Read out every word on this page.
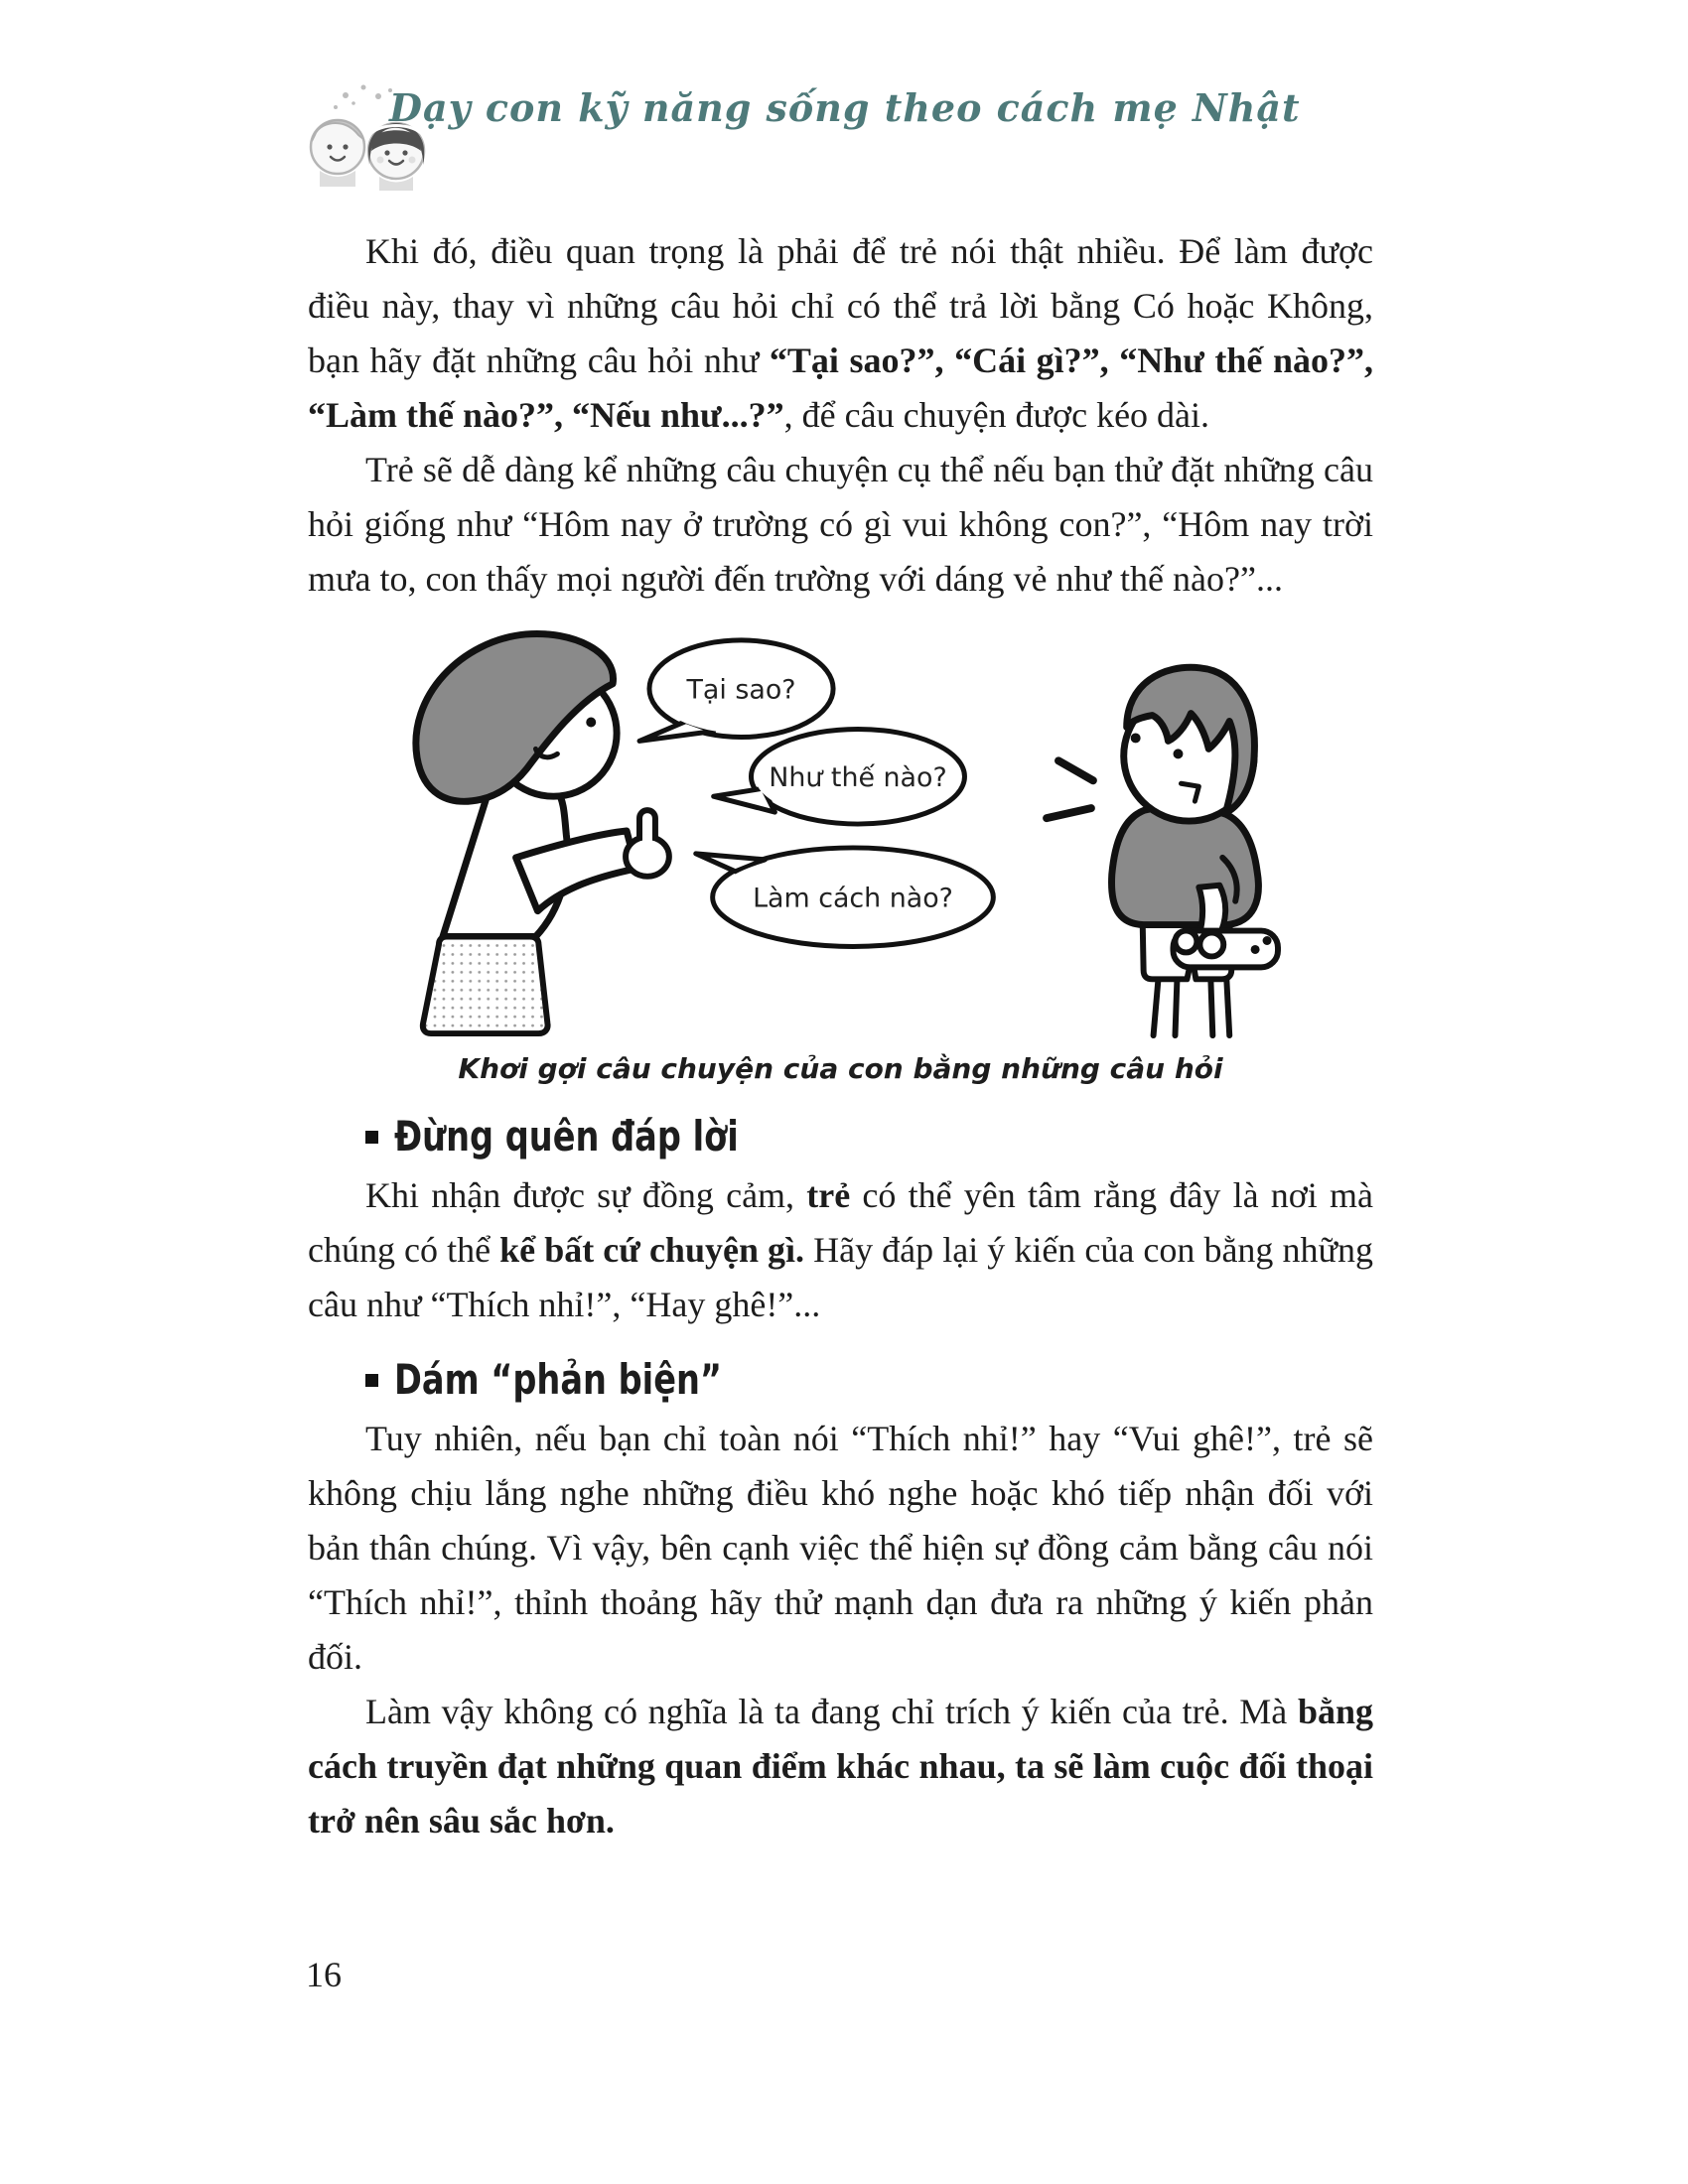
Dạy con kỹ năng sống theo cách mẹ Nhật

Khi đó, điều quan trọng là phải để trẻ nói thật nhiều. Để làm được điều này, thay vì những câu hỏi chỉ có thể trả lời bằng Có hoặc Không, bạn hãy đặt những câu hỏi như “Tại sao?”, “Cái gì?”, “Như thế nào?”, “Làm thế nào?”, “Nếu như...?”, để câu chuyện được kéo dài.

Trẻ sẽ dễ dàng kể những câu chuyện cụ thể nếu bạn thử đặt những câu hỏi giống như “Hôm nay ở trường có gì vui không con?”, “Hôm nay trời mưa to, con thấy mọi người đến trường với dáng vẻ như thế nào?”...

Tại sao?
Như thế nào?
Làm cách nào?
Khơi gợi câu chuyện của con bằng những câu hỏi
Đừng quên đáp lời

Khi nhận được sự đồng cảm, trẻ có thể yên tâm rằng đây là nơi mà chúng có thể kể bất cứ chuyện gì. Hãy đáp lại ý kiến của con bằng những câu như “Thích nhỉ!”, “Hay ghê!”...

Dám “phản biện”

Tuy nhiên, nếu bạn chỉ toàn nói “Thích nhỉ!” hay “Vui ghê!”, trẻ sẽ không chịu lắng nghe những điều khó nghe hoặc khó tiếp nhận đối với bản thân chúng. Vì vậy, bên cạnh việc thể hiện sự đồng cảm bằng câu nói “Thích nhỉ!”, thỉnh thoảng hãy thử mạnh dạn đưa ra những ý kiến phản đối.

Làm vậy không có nghĩa là ta đang chỉ trích ý kiến của trẻ. Mà bằng cách truyền đạt những quan điểm khác nhau, ta sẽ làm cuộc đối thoại trở nên sâu sắc hơn.

16
